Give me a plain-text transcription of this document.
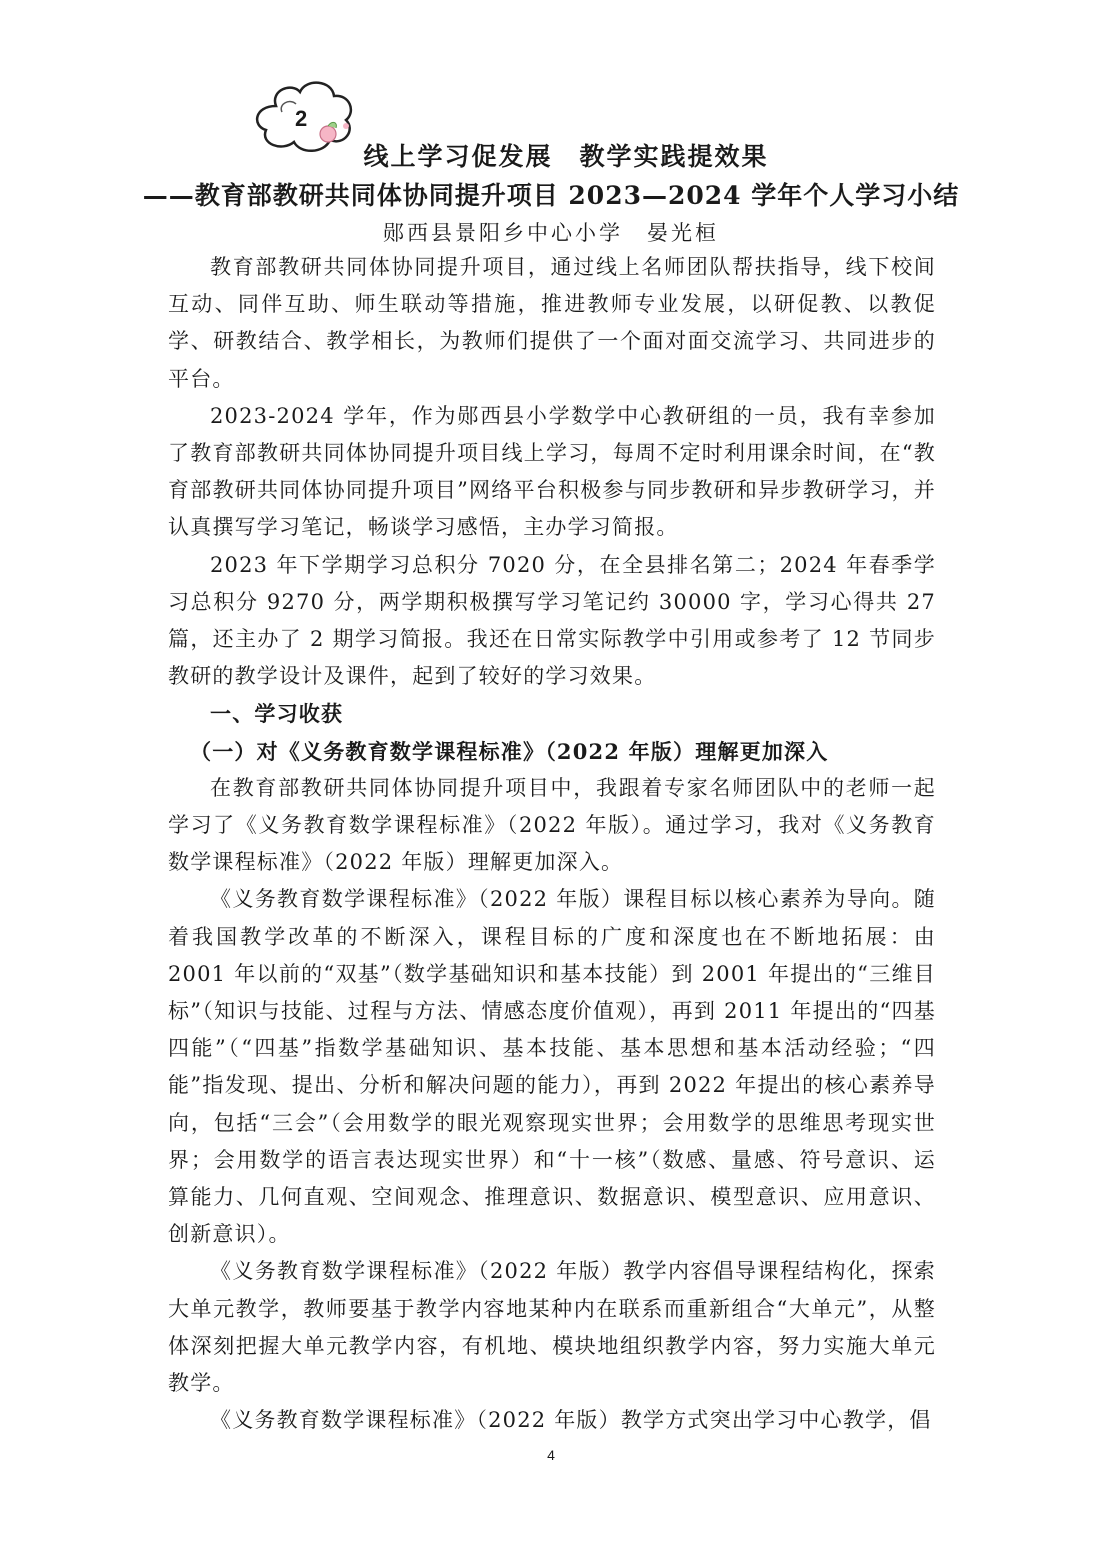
2
线上学习促发展　教学实践提效果
——教育部教研共同体协同提升项目 2023—2024 学年个人学习小结
郧西县景阳乡中心小学　晏光桓

教育部教研共同体协同提升项目，通过线上名师团队帮扶指导，线下校间互动、同伴互助、师生联动等措施，推进教师专业发展，以研促教、以教促学、研教结合、教学相长，为教师们提供了一个面对面交流学习、共同进步的平台。

2023-2024 学年，作为郧西县小学数学中心教研组的一员，我有幸参加了教育部教研共同体协同提升项目线上学习，每周不定时利用课余时间，在“教育部教研共同体协同提升项目”网络平台积极参与同步教研和异步教研学习，并认真撰写学习笔记，畅谈学习感悟，主办学习简报。

2023 年下学期学习总积分 7020 分，在全县排名第二；2024 年春季学习总积分 9270 分，两学期积极撰写学习笔记约 30000 字，学习心得共 27 篇，还主办了 2 期学习简报。我还在日常实际教学中引用或参考了 12 节同步教研的教学设计及课件，起到了较好的学习效果。

一、学习收获
（一）对《义务教育数学课程标准》（2022 年版）理解更加深入

在教育部教研共同体协同提升项目中，我跟着专家名师团队中的老师一起学习了《义务教育数学课程标准》（2022 年版）。通过学习，我对《义务教育数学课程标准》（2022 年版）理解更加深入。

《义务教育数学课程标准》（2022 年版）课程目标以核心素养为导向。随着我国教学改革的不断深入，课程目标的广度和深度也在不断地拓展：由 2001 年以前的“双基”（数学基础知识和基本技能）到 2001 年提出的“三维目标”（知识与技能、过程与方法、情感态度价值观），再到 2011 年提出的“四基四能”（“四基”指数学基础知识、基本技能、基本思想和基本活动经验；“四能”指发现、提出、分析和解决问题的能力），再到 2022 年提出的核心素养导向，包括“三会”（会用数学的眼光观察现实世界；会用数学的思维思考现实世界；会用数学的语言表达现实世界）和“十一核”（数感、量感、符号意识、运算能力、几何直观、空间观念、推理意识、数据意识、模型意识、应用意识、创新意识）。

《义务教育数学课程标准》（2022 年版）教学内容倡导课程结构化，探索大单元教学，教师要基于教学内容地某种内在联系而重新组合“大单元”，从整体深刻把握大单元教学内容，有机地、模块地组织教学内容，努力实施大单元教学。

《义务教育数学课程标准》（2022 年版）教学方式突出学习中心教学，倡

4
